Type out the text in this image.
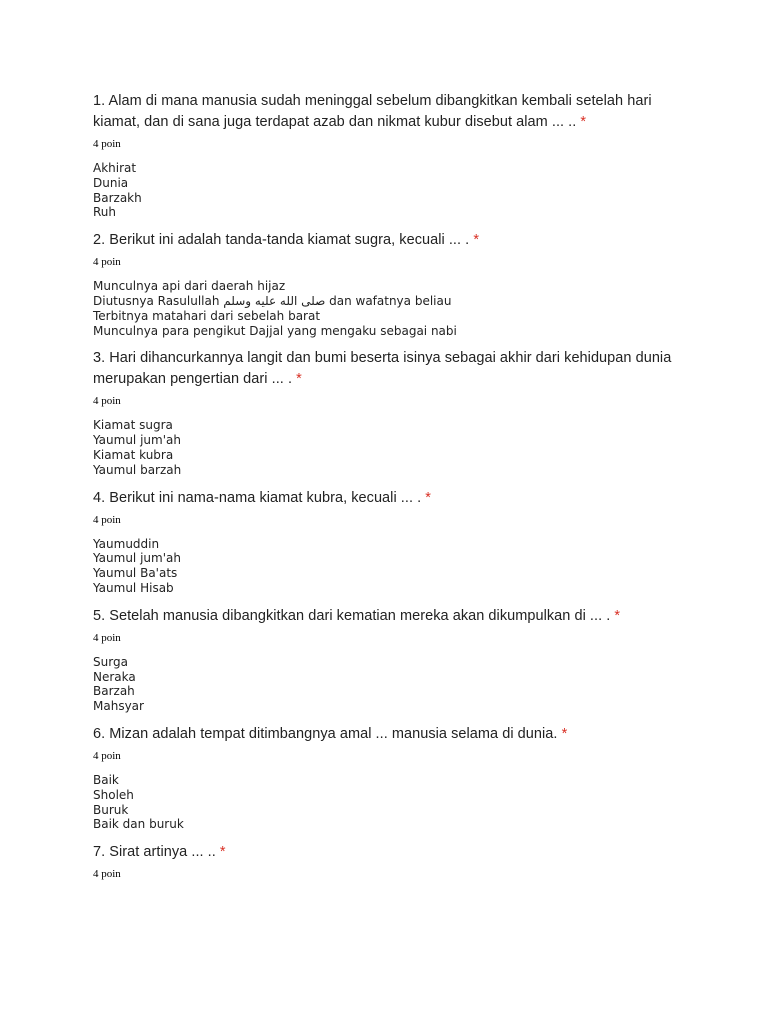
1. Alam di mana manusia sudah meninggal sebelum dibangkitkan kembali setelah hari kiamat, dan di sana juga terdapat azab dan nikmat kubur disebut alam ... .. *

4 poin
Akhirat
Dunia
Barzakh
Ruh

2. Berikut ini adalah tanda-tanda kiamat sugra, kecuali ... . *

4 poin
Munculnya api dari daerah hijaz
Diutusnya Rasulullah صلى الله عليه وسلم dan wafatnya beliau
Terbitnya matahari dari sebelah barat
Munculnya para pengikut Dajjal yang mengaku sebagai nabi

3. Hari dihancurkannya langit dan bumi beserta isinya sebagai akhir dari kehidupan dunia merupakan pengertian dari ... . *

4 poin
Kiamat sugra
Yaumul jum'ah
Kiamat kubra
Yaumul barzah

4. Berikut ini nama-nama kiamat kubra, kecuali ... . *

4 poin
Yaumuddin
Yaumul jum'ah
Yaumul Ba'ats
Yaumul Hisab

5. Setelah manusia dibangkitkan dari kematian mereka akan dikumpulkan di ... . *

4 poin
Surga
Neraka
Barzah
Mahsyar

6. Mizan adalah tempat ditimbangnya amal ... manusia selama di dunia. *

4 poin
Baik
Sholeh
Buruk
Baik dan buruk

7. Sirat artinya ... .. *

4 poin
